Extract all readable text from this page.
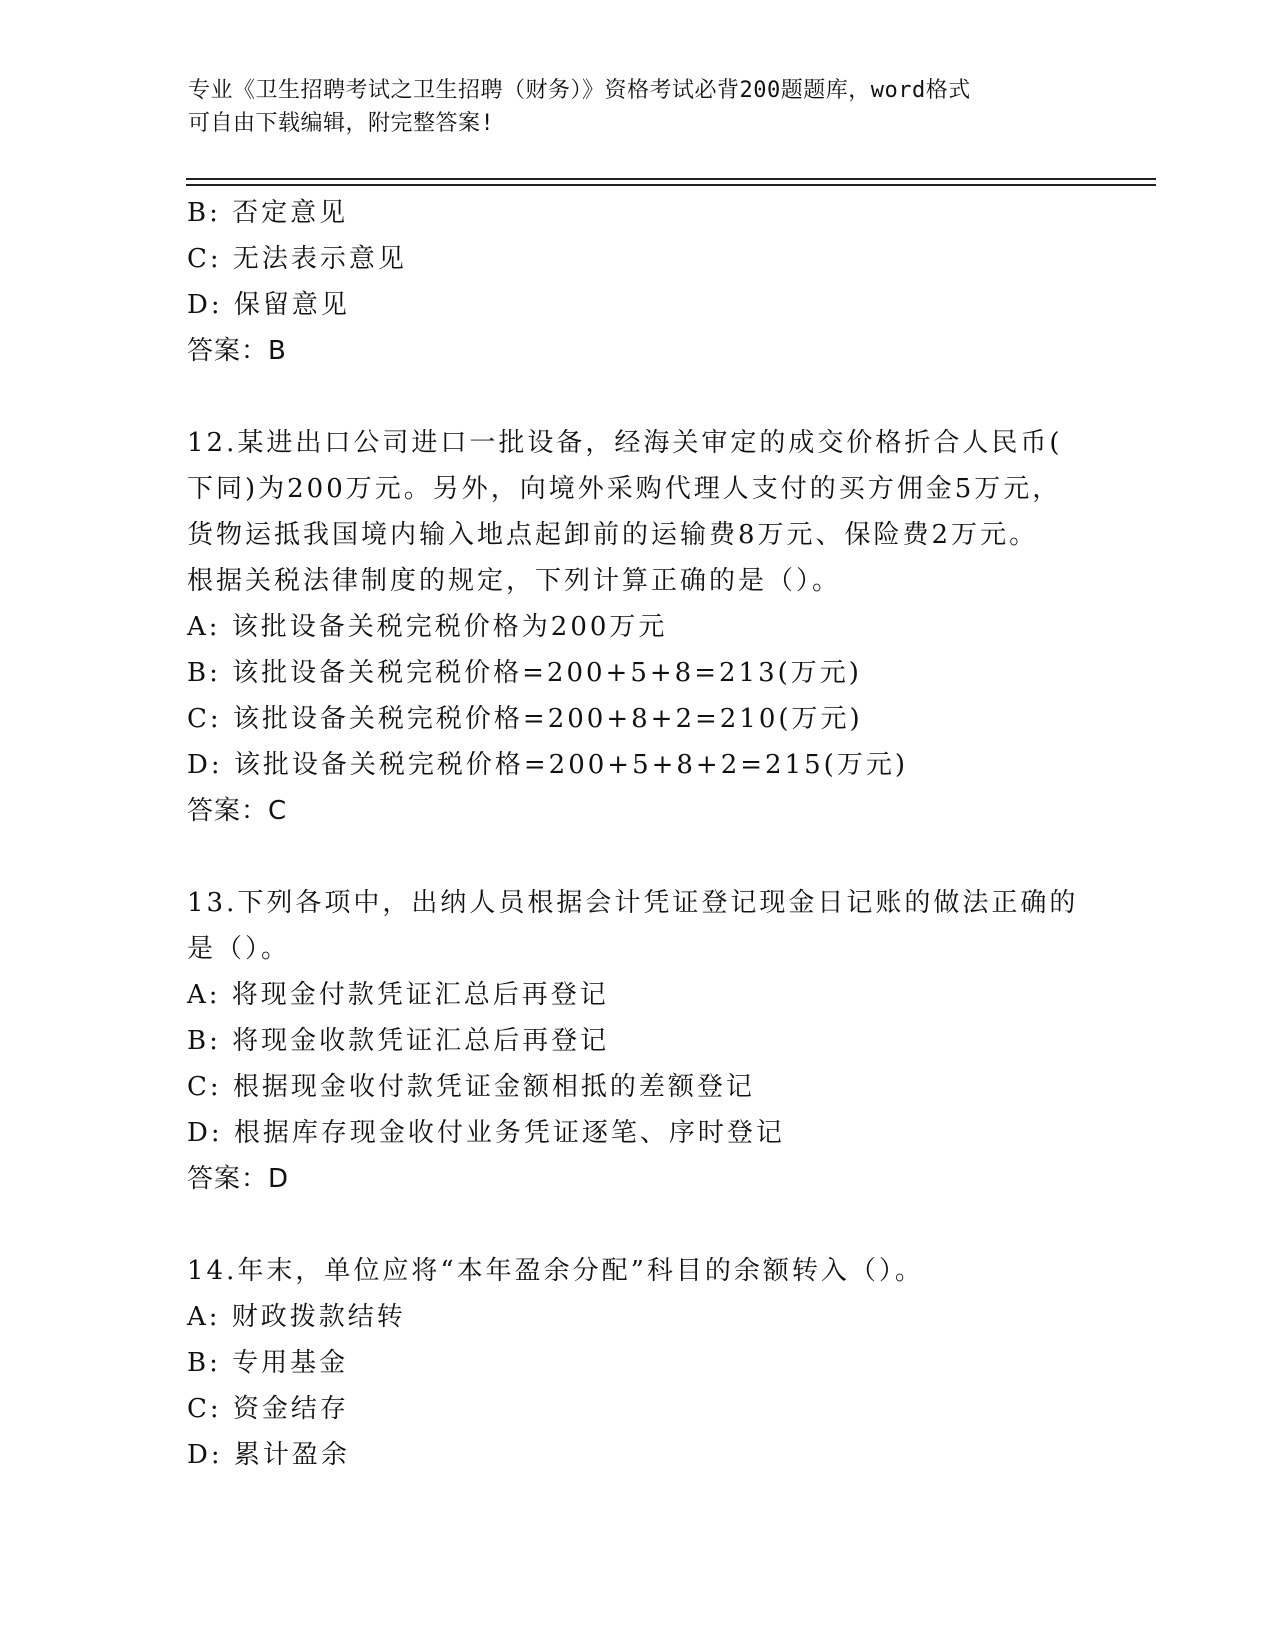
专业《卫生招聘考试之卫生招聘（财务）》资格考试必背200题题库，word格式
可自由下载编辑，附完整答案!
B: 否定意见
C: 无法表示意见
D: 保留意见
答案：B
12.某进出口公司进口一批设备，经海关审定的成交价格折合人民币(
下同)为200万元。另外，向境外采购代理人支付的买方佣金5万元，
货物运抵我国境内输入地点起卸前的运输费8万元、保险费2万元。
根据关税法律制度的规定，下列计算正确的是（）。
A: 该批设备关税完税价格为200万元
B: 该批设备关税完税价格=200+5+8=213(万元)
C: 该批设备关税完税价格=200+8+2=210(万元)
D: 该批设备关税完税价格=200+5+8+2=215(万元)
答案：C
13.下列各项中，出纳人员根据会计凭证登记现金日记账的做法正确的
是（）。
A: 将现金付款凭证汇总后再登记
B: 将现金收款凭证汇总后再登记
C: 根据现金收付款凭证金额相抵的差额登记
D: 根据库存现金收付业务凭证逐笔、序时登记
答案：D
14.年末，单位应将“本年盈余分配”科目的余额转入（）。
A: 财政拨款结转
B: 专用基金
C: 资金结存
D: 累计盈余
